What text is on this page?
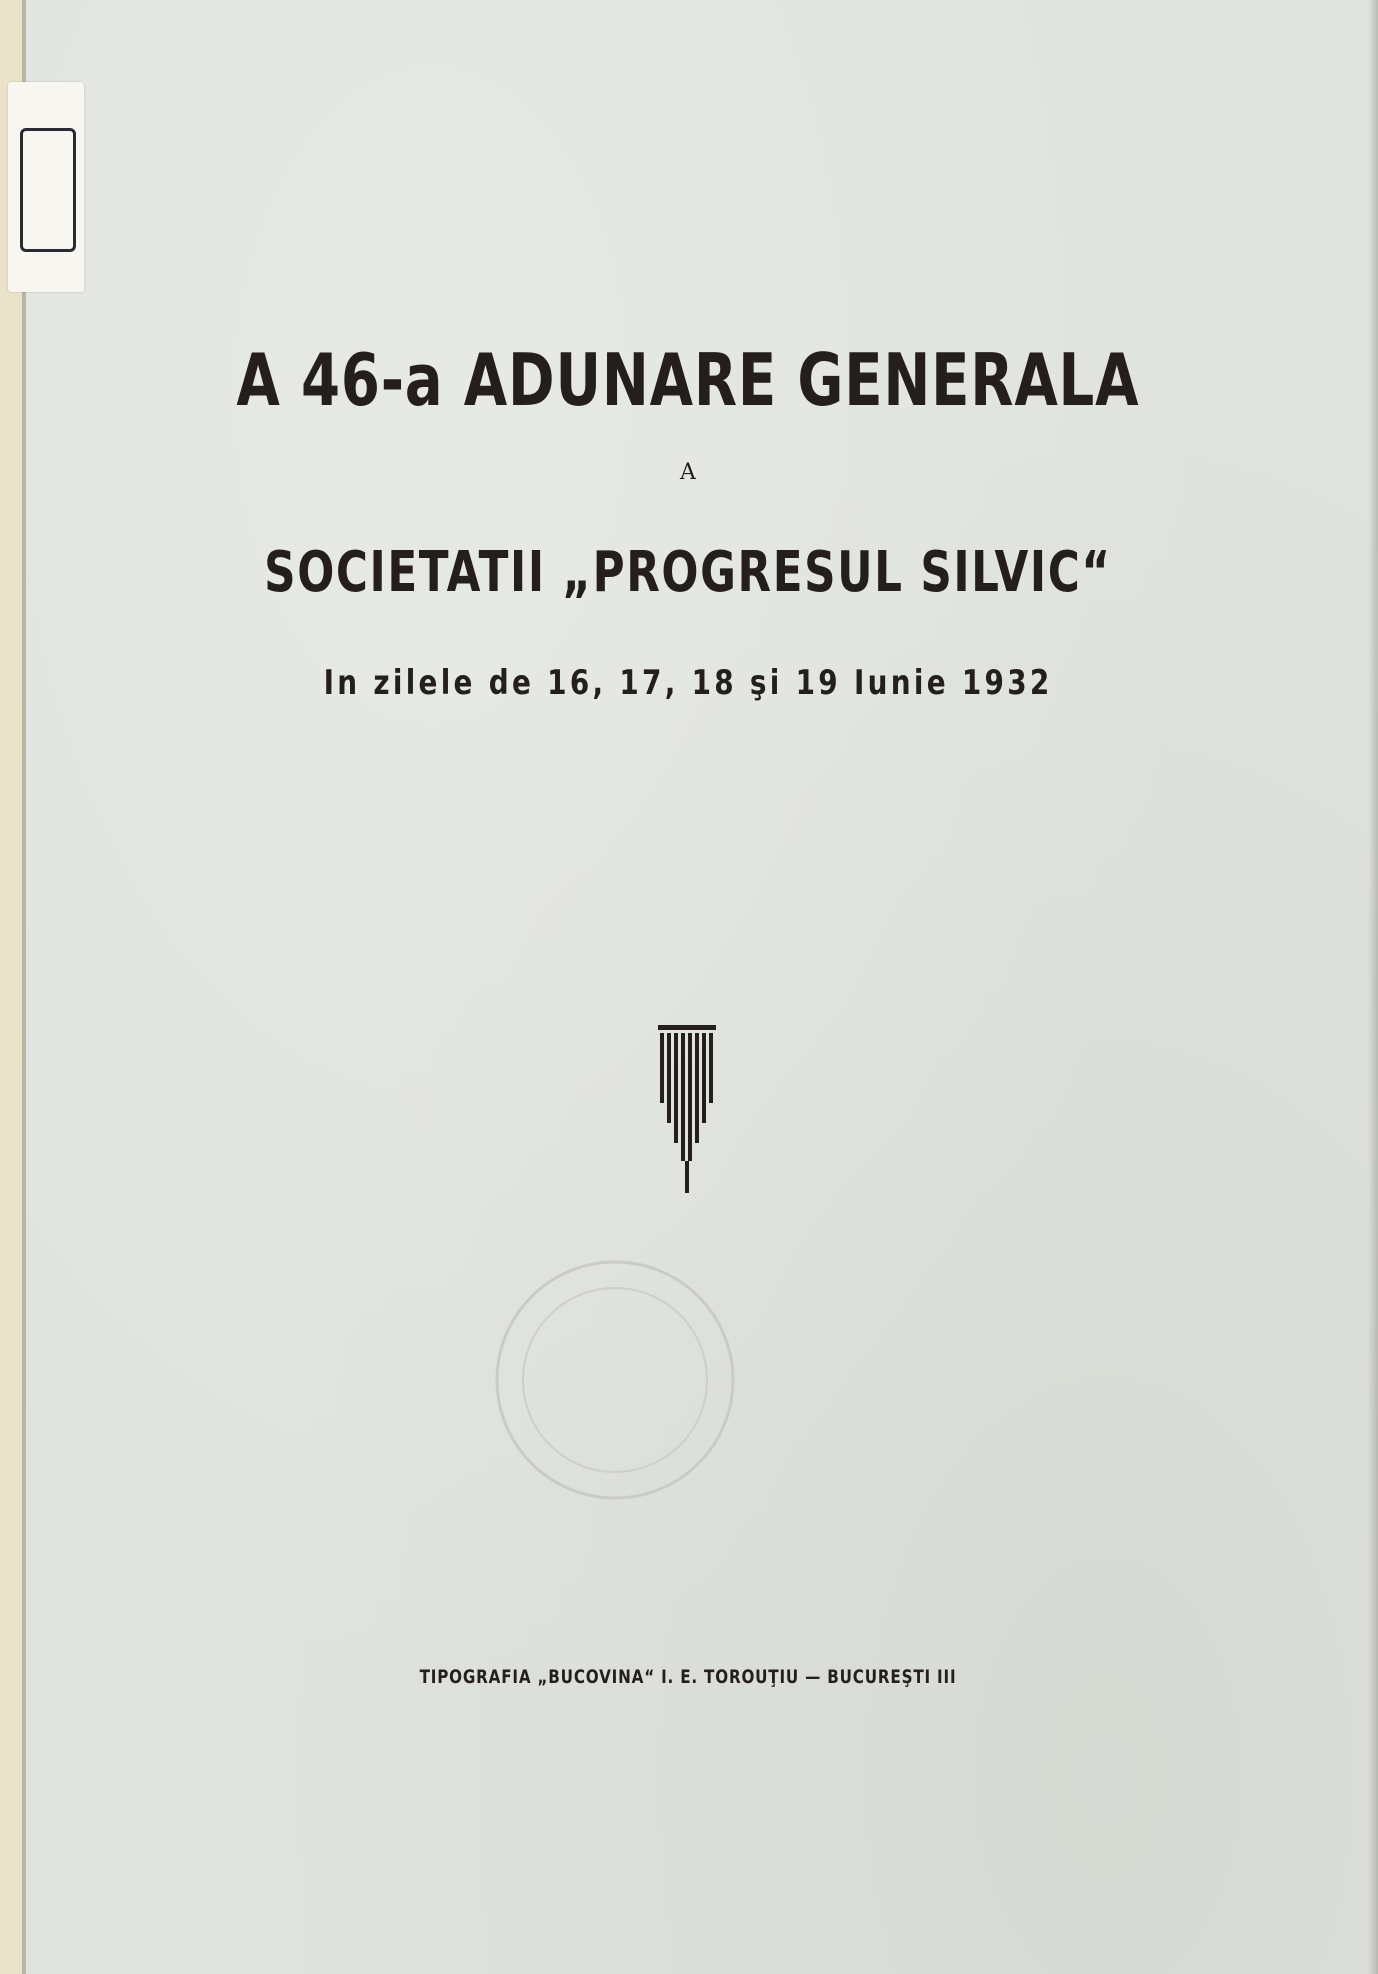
A 46-a ADUNARE GENERALA
A
SOCIETATII „PROGRESUL SILVIC“
In zilele de 16, 17, 18 şi 19 Iunie 1932
TIPOGRAFIA „BUCOVINA“ I. E. TOROUŢIU — BUCUREŞTI III
